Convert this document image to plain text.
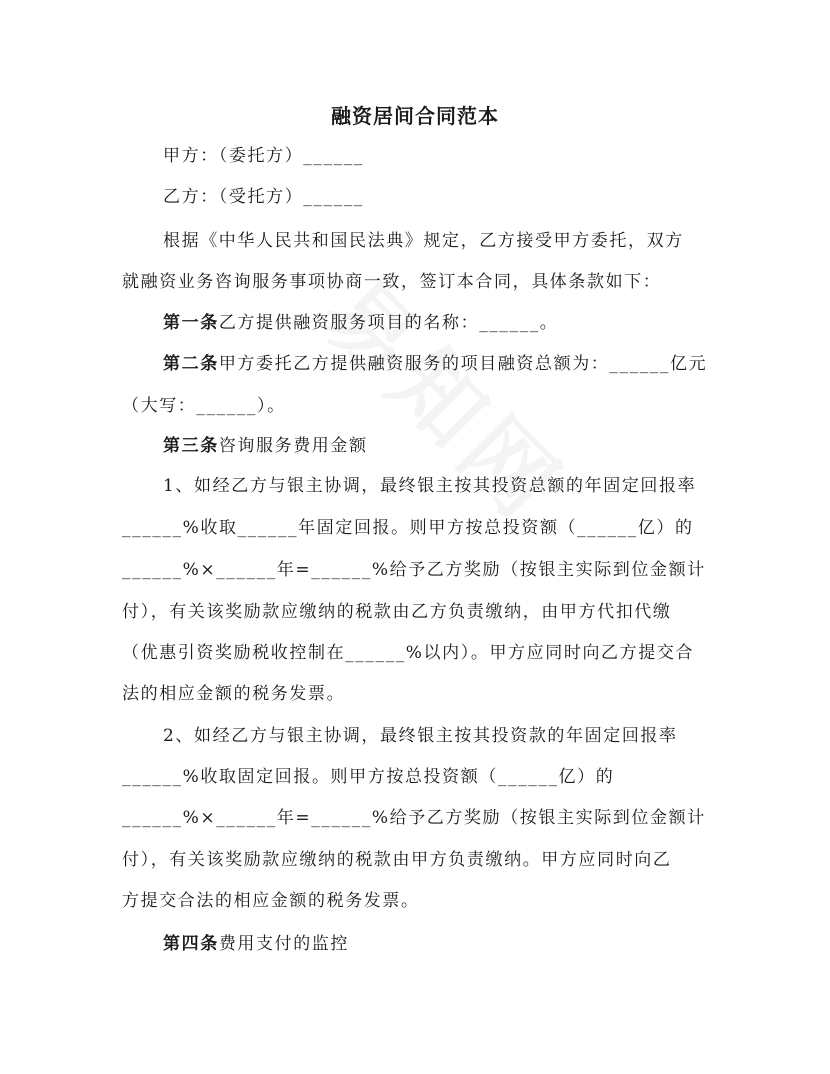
融资居间合同范本
甲方：（委托方）______
乙方：（受托方）______
根据《中华人民共和国民法典》规定，乙方接受甲方委托，双方
就融资业务咨询服务事项协商一致，签订本合同，具体条款如下：
第一条乙方提供融资服务项目的名称：______。
第二条甲方委托乙方提供融资服务的项目融资总额为：______亿元
（大写：______）。
第三条咨询服务费用金额
1、如经乙方与银主协调，最终银主按其投资总额的年固定回报率
______%收取______年固定回报。则甲方按总投资额（______亿）的
______%×______年=______%给予乙方奖励（按银主实际到位金额计
付），有关该奖励款应缴纳的税款由乙方负责缴纳，由甲方代扣代缴
（优惠引资奖励税收控制在______%以内）。甲方应同时向乙方提交合
法的相应金额的税务发票。
2、如经乙方与银主协调，最终银主按其投资款的年固定回报率
______%收取固定回报。则甲方按总投资额（______亿）的
______%×______年=______%给予乙方奖励（按银主实际到位金额计
付），有关该奖励款应缴纳的税款由甲方负责缴纳。甲方应同时向乙
方提交合法的相应金额的税务发票。
第四条费用支付的监控
